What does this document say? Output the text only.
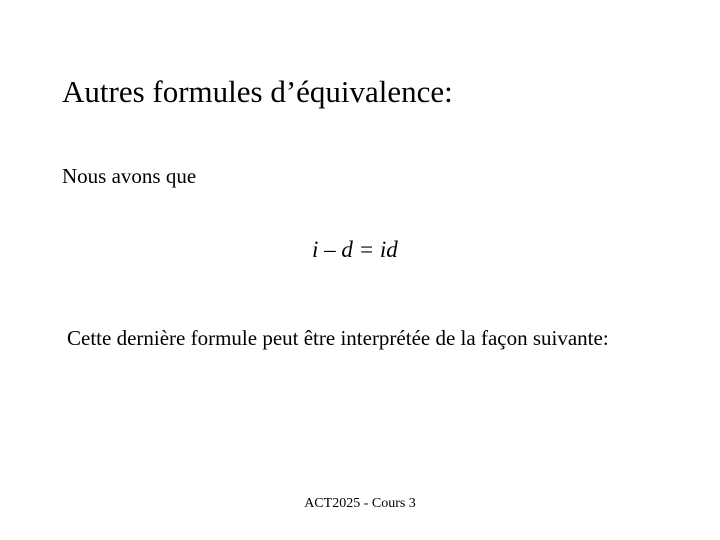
Autres formules d’équivalence:
Nous avons que
i – d = id
Cette dernière formule peut être interprétée de la façon suivante:
ACT2025 - Cours 3
